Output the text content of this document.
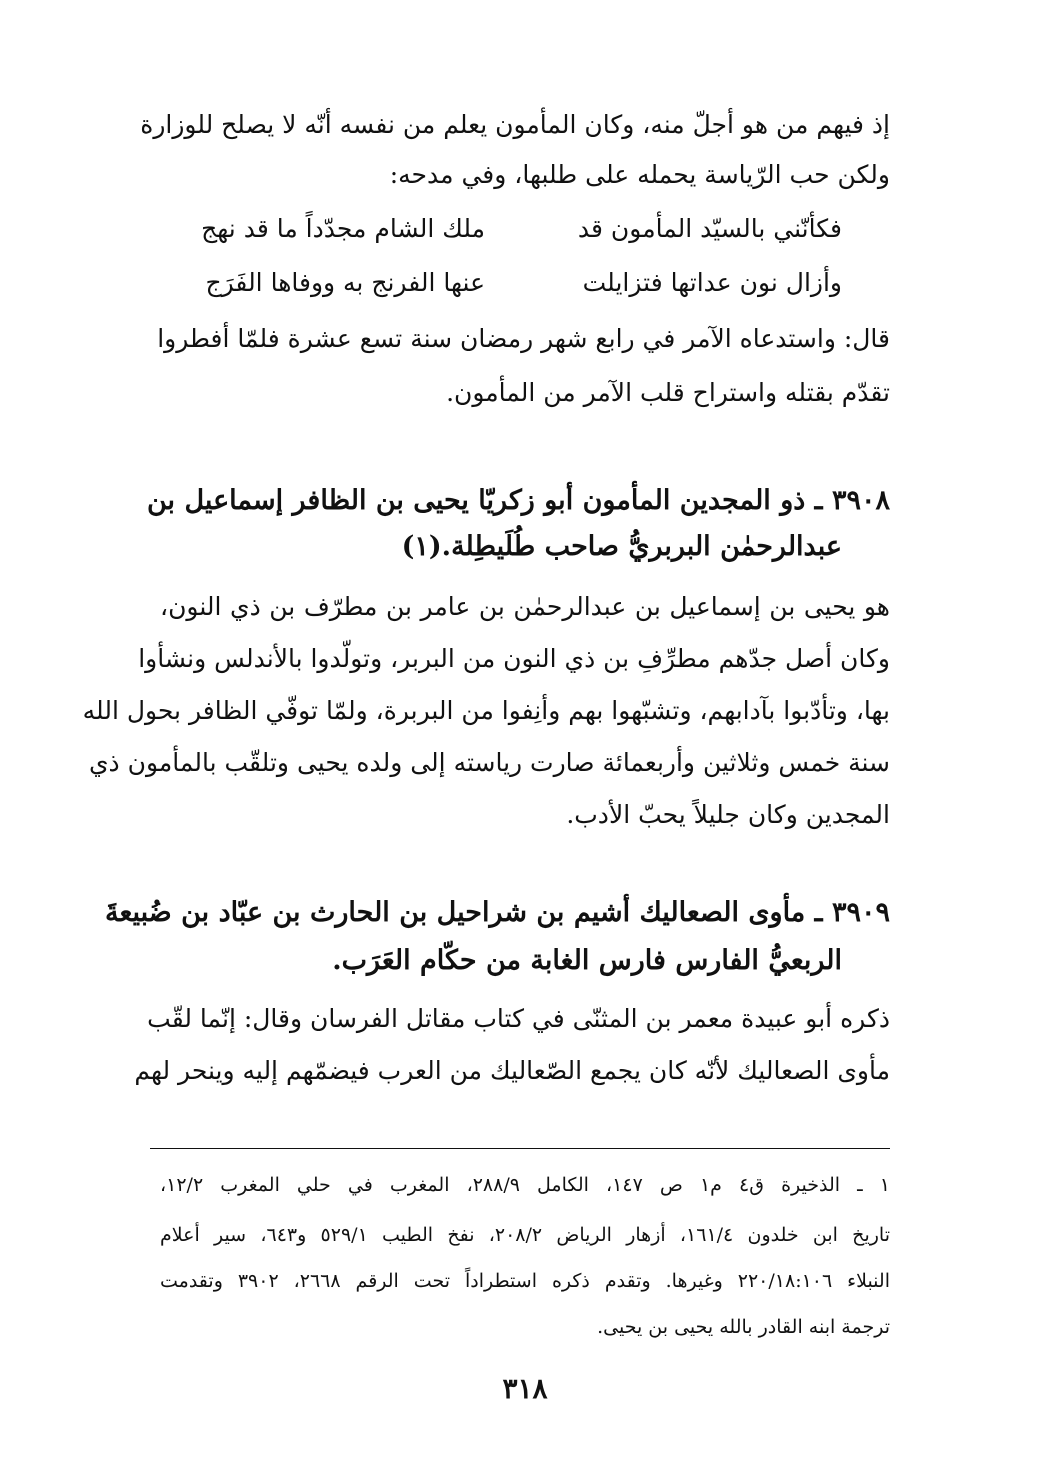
إذ فيهم من هو أجلّ منه، وكان المأمون يعلم من نفسه أنّه لا يصلح للوزارة
ولكن حب الرّياسة يحمله على طلبها، وفي مدحه:
فكأنّني بالسيّد المأمون قد
ملك الشام مجدّداً ما قد نهج
وأزال نون عداتها فتزايلت
عنها الفرنج به ووفاها الفَرَج
قال: واستدعاه الآمر في رابع شهر رمضان سنة تسع عشرة فلمّا أفطروا
تقدّم بقتله واستراح قلب الآمر من المأمون.
٣٩٠٨ ـ ذو المجدين المأمون أبو زكريّا يحيى بن الظافر إسماعيل بن
عبدالرحمٰن البربريُّ صاحب طُلَيطِلة.(١)
هو يحيى بن إسماعيل بن عبدالرحمٰن بن عامر بن مطرّف بن ذي النون،
وكان أصل جدّهم مطرِّفِ بن ذي النون من البربر، وتولّدوا بالأندلس ونشأوا
بها، وتأدّبوا بآدابهم، وتشبّهوا بهم وأنِفوا من البربرة، ولمّا توفّي الظافر بحول الله
سنة خمس وثلاثين وأربعمائة صارت رياسته إلى ولده يحيى وتلقّب بالمأمون ذي
المجدين وكان جليلاً يحبّ الأدب.
٣٩٠٩ ـ مأوى الصعاليك أشيم بن شراحيل بن الحارث بن عبّاد بن ضُبيعةَ
الربعيُّ الفارس فارس الغابة من حكّام العَرَب.
ذكره أبو عبيدة معمر بن المثنّى في كتاب مقاتل الفرسان وقال: إنّما لقّب
مأوى الصعاليك لأنّه كان يجمع الصّعاليك من العرب فيضمّهم إليه وينحر لهم
١ ـ الذخيرة ق٤ م١ ص ١٤٧، الكامل ٢٨٨/٩، المغرب في حلي المغرب ١٢/٢،
تاريخ ابن خلدون ١٦١/٤، أزهار الرياض ٢٠٨/٢، نفخ الطيب ٥٢٩/١ و٦٤٣، سير أعلام
النبلاء ٢٢٠/١٨:١٠٦ وغيرها. وتقدم ذكره استطراداً تحت الرقم ٢٦٦٨، ٣٩٠٢ وتقدمت
ترجمة ابنه القادر بالله يحيى بن يحيى.
٣١٨
